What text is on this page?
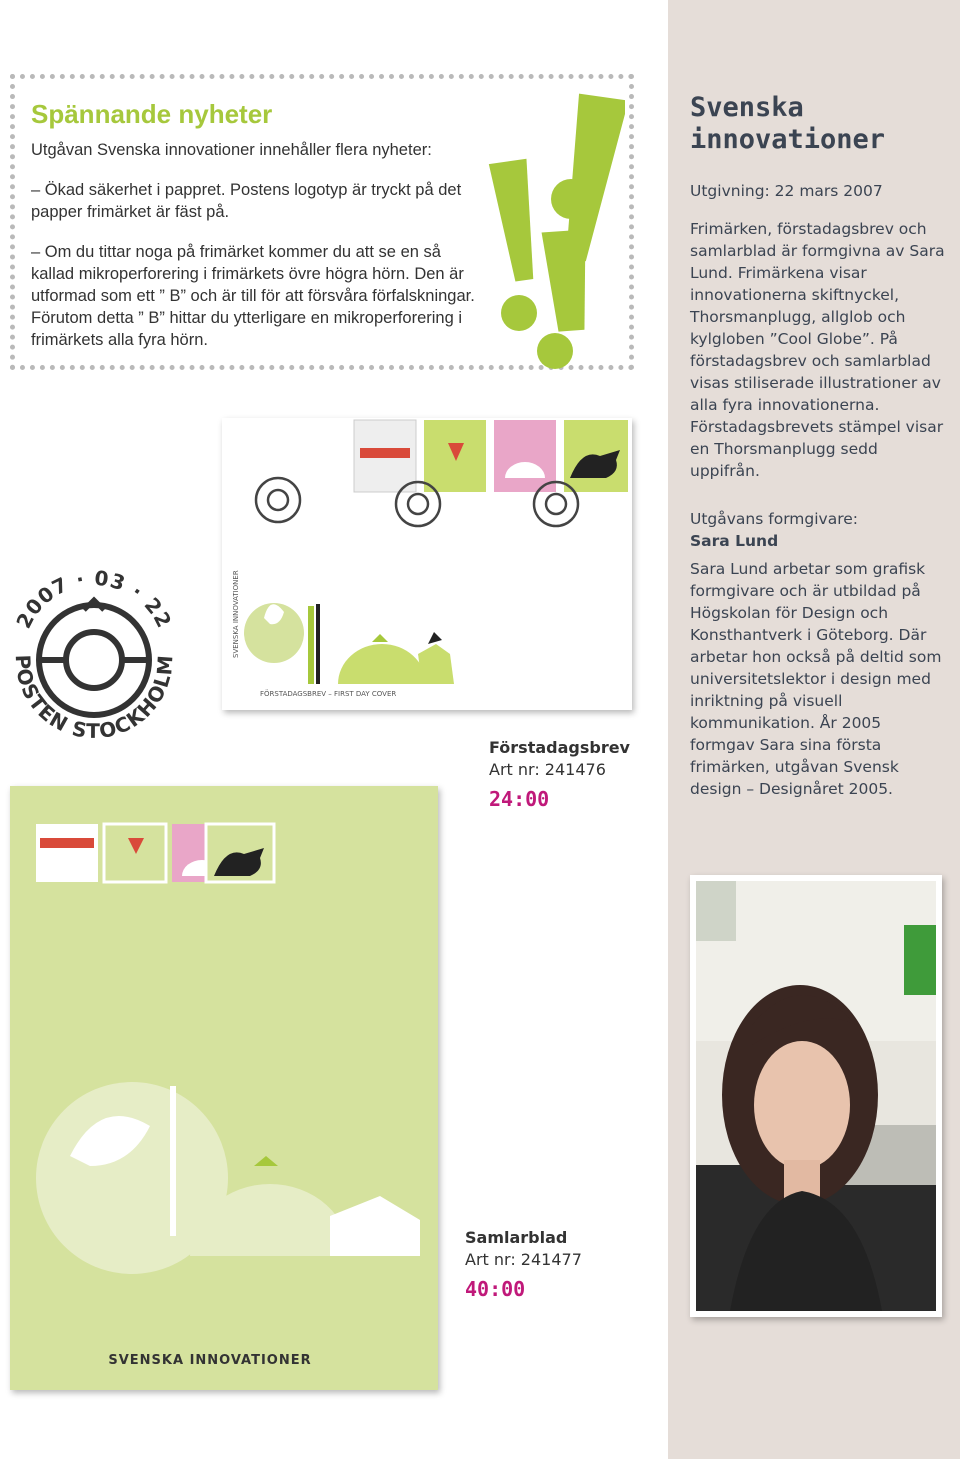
Svenska innovationer

Utgivning: 22 mars 2007

Frimärken, förstadagsbrev och samlarblad är formgivna av Sara Lund. Frimärkena visar innovationerna skiftnyckel, Thorsmanplugg, allglob och kylgloben ”Cool Globe”. På förstadagsbrev och samlarblad visas stiliserade illustrationer av alla fyra innovationerna. Förstadagsbrevets stämpel visar en Thorsmanplugg sedd uppifrån.

Utgåvans formgivare:

Sara Lund

Sara Lund arbetar som grafisk formgivare och är utbildad på Högskolan för Design och Konsthantverk i Göteborg. Där arbetar hon också på deltid som universitetslektor i design med inriktning på visuell kommunikation. År 2005 formgav Sara sina första frimärken, utgåvan Svensk design – Designåret 2005.

Spännande nyheter

Utgåvan Svenska innovationer innehåller flera nyheter:

– Ökad säkerhet i pappret. Postens logotyp är tryckt på det papper frimärket är fäst på.

– Om du tittar noga på frimärket kommer du att se en så kallad mikroperforering i frimärkets övre högra hörn. Den är utformad som ett ” B” och är till för att försvåra förfalskningar. Förutom detta ” B” hittar du ytterligare en mikroperforering i frimärkets alla fyra hörn.

2007 · 03 · 22
POSTEN STOCKHOLM
SVENSKA INNOVATIONER
FÖRSTADAGSBREV – FIRST DAY COVER
Förstadagsbrev
Art nr: 241476
24:00
SVENSKA INNOVATIONER
Samlarblad
Art nr: 241477
40:00
